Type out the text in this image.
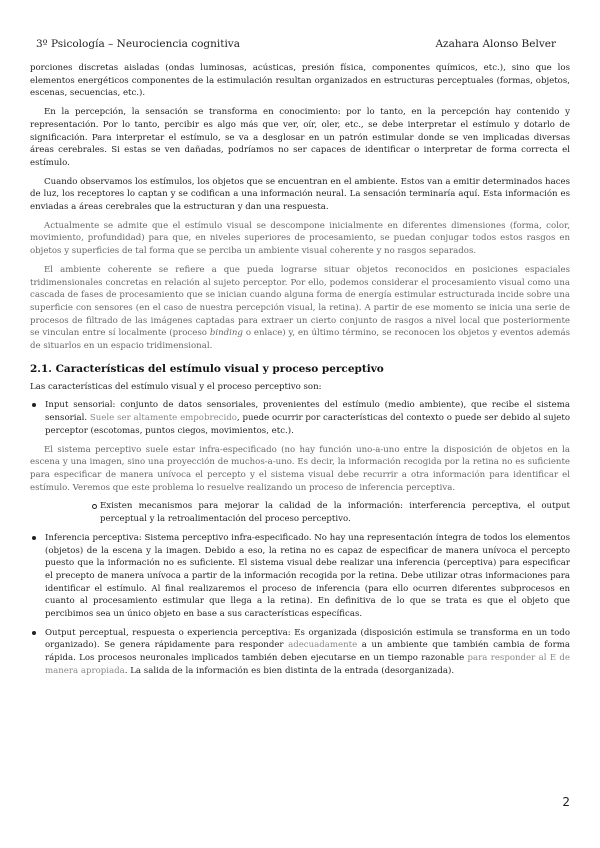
3º Psicología – Neurociencia cognitiva	Azahara Alonso Belver

porciones discretas aisladas (ondas luminosas, acústicas, presión física, componentes químicos, etc.), sino que los elementos energéticos componentes de la estimulación resultan organizados en estructuras perceptuales (formas, objetos, escenas, secuencias, etc.).

En la percepción, la sensación se transforma en conocimiento: por lo tanto, en la percepción hay contenido y representación. Por lo tanto, percibir es algo más que ver, oír, oler, etc., se debe interpretar el estímulo y dotarlo de significación. Para interpretar el estímulo, se va a desglosar en un patrón estimular donde se ven implicadas diversas áreas cerebrales. Si estas se ven dañadas, podríamos no ser capaces de identificar o interpretar de forma correcta el estímulo.

Cuando observamos los estímulos, los objetos que se encuentran en el ambiente. Estos van a emitir determinados haces de luz, los receptores lo captan y se codifican a una información neural. La sensación terminaría aquí. Esta información es enviadas a áreas cerebrales que la estructuran y dan una respuesta.

Actualmente se admite que el estímulo visual se descompone inicialmente en diferentes dimensiones (forma, color, movimiento, profundidad) para que, en niveles superiores de procesamiento, se puedan conjugar todos estos rasgos en objetos y superficies de tal forma que se perciba un ambiente visual coherente y no rasgos separados.

El ambiente coherente se refiere a que pueda lograrse situar objetos reconocidos en posiciones espaciales tridimensionales concretas en relación al sujeto perceptor. Por ello, podemos considerar el procesamiento visual como una cascada de fases de procesamiento que se inician cuando alguna forma de energía estimular estructurada incide sobre una superficie con sensores (en el caso de nuestra percepción visual, la retina). A partir de ese momento se inicia una serie de procesos de filtrado de las imágenes captadas para extraer un cierto conjunto de rasgos a nivel local que posteriormente se vinculan entre sí localmente (proceso binding o enlace) y, en último término, se reconocen los objetos y eventos además de situarlos en un espacio tridimensional.

2.1. Características del estímulo visual y proceso perceptivo

Las características del estímulo visual y el proceso perceptivo son:

Input sensorial: conjunto de datos sensoriales, provenientes del estímulo (medio ambiente), que recibe el sistema sensorial. Suele ser altamente empobrecido, puede ocurrir por características del contexto o puede ser debido al sujeto perceptor (escotomas, puntos ciegos, movimientos, etc.).

El sistema perceptivo suele estar infra-especificado (no hay función uno-a-uno entre la disposición de objetos en la escena y una imagen, sino una proyección de muchos-a-uno. Es decir, la información recogida por la retina no es suficiente para especificar de manera unívoca el percepto y el sistema visual debe recurrir a otra información para identificar el estímulo. Veremos que este problema lo resuelve realizando un proceso de inferencia perceptiva.

Existen mecanismos para mejorar la calidad de la información: interferencia perceptiva, el output perceptual y la retroalimentación del proceso perceptivo.

Inferencia perceptiva: Sistema perceptivo infra-especificado. No hay una representación íntegra de todos los elementos (objetos) de la escena y la imagen. Debido a eso, la retina no es capaz de especificar de manera unívoca el percepto puesto que la información no es suficiente. El sistema visual debe realizar una inferencia (perceptiva) para especificar el precepto de manera unívoca a partir de la información recogida por la retina. Debe utilizar otras informaciones para identificar el estímulo. Al final realizaremos el proceso de inferencia (para ello ocurren diferentes subprocesos en cuanto al procesamiento estimular que llega a la retina). En definitiva de lo que se trata es que el objeto que percibimos sea un único objeto en base a sus características específicas.

Output perceptual, respuesta o experiencia perceptiva: Es organizada (disposición estimula se transforma en un todo organizado). Se genera rápidamente para responder adecuadamente a un ambiente que también cambia de forma rápida. Los procesos neuronales implicados también deben ejecutarse en un tiempo razonable para responder al E de manera apropiada. La salida de la información es bien distinta de la entrada (desorganizada).

2
